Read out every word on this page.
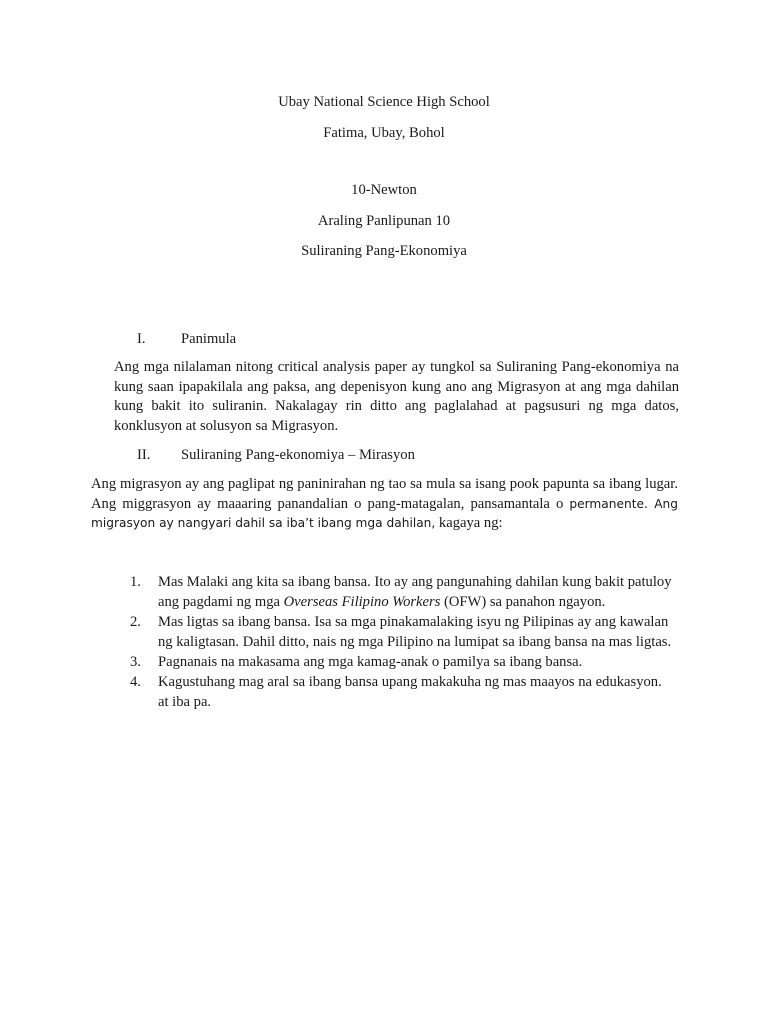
Ubay National Science High School
Fatima, Ubay, Bohol
10-Newton
Araling Panlipunan 10
Suliraning Pang-Ekonomiya
I. Panimula
Ang mga nilalaman nitong critical analysis paper ay tungkol sa Suliraning Pang-ekonomiya na kung saan ipapakilala ang paksa, ang depenisyon kung ano ang Migrasyon at ang mga dahilan kung bakit ito suliranin. Nakalagay rin ditto ang paglalahad at pagsusuri ng mga datos, konklusyon at solusyon sa Migrasyon.
II. Suliraning Pang-ekonomiya – Mirasyon
Ang migrasyon ay ang paglipat ng paninirahan ng tao sa mula sa isang pook papunta sa ibang lugar. Ang miggrasyon ay maaaring panandalian o pang-matagalan, pansamantala o permanente. Ang migrasyon ay nangyari dahil sa iba’t ibang mga dahilan, kagaya ng:
1. Mas Malaki ang kita sa ibang bansa. Ito ay ang pangunahing dahilan kung bakit patuloy ang pagdami ng mga Overseas Filipino Workers (OFW) sa panahon ngayon.
2. Mas ligtas sa ibang bansa. Isa sa mga pinakamalaking isyu ng Pilipinas ay ang kawalan ng kaligtasan. Dahil ditto, nais ng mga Pilipino na lumipat sa ibang bansa na mas ligtas.
3. Pagnanais na makasama ang mga kamag-anak o pamilya sa ibang bansa.
4. Kagustuhang mag aral sa ibang bansa upang makakuha ng mas maayos na edukasyon.
at iba pa.
